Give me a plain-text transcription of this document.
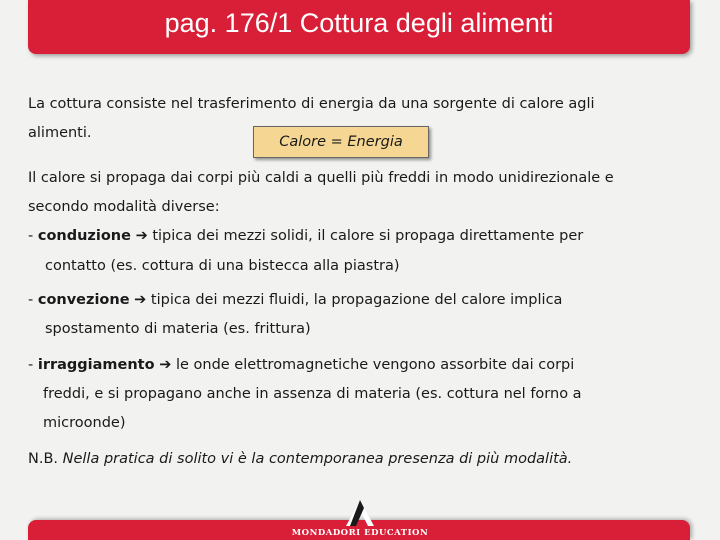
pag. 176/1 Cottura degli alimenti
La cottura consiste nel trasferimento di energia da una sorgente di calore agli
alimenti.
Calore = Energia
Il calore si propaga dai corpi più caldi a quelli più freddi in modo unidirezionale e
secondo modalità diverse:
- conduzione ➔ tipica dei mezzi solidi, il calore si propaga direttamente per
contatto (es. cottura di una bistecca alla piastra)
- convezione ➔ tipica dei mezzi fluidi, la propagazione del calore implica
spostamento di materia (es. frittura)
- irraggiamento ➔ le onde elettromagnetiche vengono assorbite dai corpi
freddi, e si propagano anche in assenza di materia (es. cottura nel forno a
microonde)
N.B. Nella pratica di solito vi è la contemporanea presenza di più modalità.
MONDADORI EDUCATION
